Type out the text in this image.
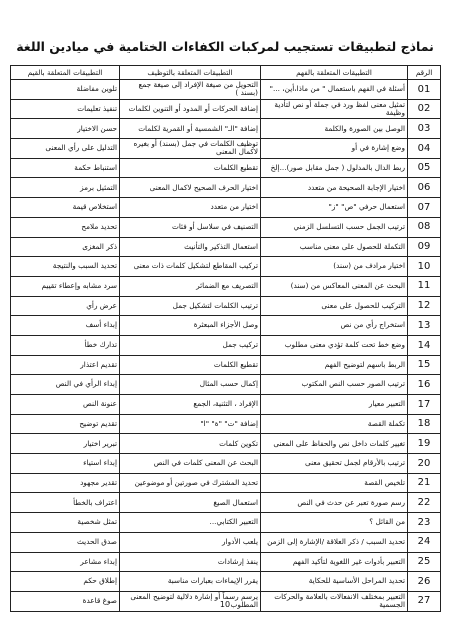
نماذج لتطبيقات تستجيب لمركبات الكفاءات الختامية في ميادين اللغة
الرقم	التطبيقات المتعلقة بالفهم	التطبيقات المتعلقة بالتوظيف	التطبيقات المتعلقة بالقيم
01	أسئلة في الفهم باستعمال " من ماذا،أين، ..."	التحويل من صيغة الإفراد إلى صيغة جمع (بسند )	تلوين مفاضلة
02	تمثيل معنى لفظ ورد في جملة أو نص لتأدية وظيفة	إضافة الحركات أو المدود أو التنوين لكلمات	تنفيذ تعليمات
03	الوصل بين الصورة والكلمة	إضافة "الـ" الشمسية أو القمرية لكلمات	حسن الاختيار
04	وضع إشارة في أو	توظيف الكلمات في جمل (بسند) أو بغيره لاكمال المعنى	التدليل على رأي المعنى
05	ربط الدال بالمدلول ( جمل مقابل صور)...إلخ	تقطيع الكلمات	استنباط حكمة
06	اختيار الإجابة الصحيحة من متعدد	اختيار الحرف الصحيح لاكمال المعنى	التمثيل برمز
07	استعمال حرفي "ص" "ز"	اختيار من متعدد	استخلاص قيمة
08	ترتيب الجمل حسب التسلسل الزمني	التصنيف في سلاسل أو فئات	تحديد ملامح
09	التكملة للحصول على معنى مناسب	استعمال التذكير والتأنيث	ذكر المغزى
10	اختيار مرادف من (سند)	تركيب المقاطع لتشكيل كلمات ذات معنى	تحديد السبب والنتيجة
11	البحث عن المعنى المعاكس من (سند)	التصريف مع الضمائر	سرد مشابه وإعطاء تقييم
12	التركيب للحصول على معنى	ترتيب الكلمات لتشكيل جمل	عرض رأي
13	استخراج رأي من نص	وصل الأجزاء المبعثرة	إبداء أسف
14	وضع خط تحت كلمة تؤدي معنى مطلوب	تركيب جمل	تدارك خطأ
15	الربط باسهم لتوضيح الفهم	تقطيع الكلمات	تقديم اعتذار
16	ترتيب الصور حسب النص المكتوب	إكمال حسب المثال	إبداء الرأي في النص
17	التعبير معيار	الإفراد ، التثنية، الجمع	عنونة النص
18	تكملة القصة	إضافة "ت" "ة" "ا"	تقديم توضيح
19	تغيير كلمات داخل نص والحفاظ على المعنى	تكوين كلمات	تبرير اختيار
20	ترتيب بالأرقام لجمل تحقيق معنى	البحث عن المعنى كلمات في النص	إبداء استياء
21	تلخيص القصة	تحديد المشترك في صورتين أو موضوعين	تقدير مجهود
22	رسم صورة تعبر عن حدث في النص	استعمال الصيغ	اعتراف بالخطأ
23	من القائل ؟	التعبير الكتابي...	تمثل شخصية
24	تحديد السبب / ذكر العلاقة /الإشارة إلى الزمن	يلعب الأدوار	صدق الحديث
25	التعبير بأدوات غير اللغوية لتأكيد الفهم	ينفذ إرشادات	إبداء مشاعر
26	تحديد المراحل الأساسية للحكاية	يقرر الإيماءات بعبارات مناسبة	إطلاق حكم
27	التعبير بمختلف الانفعالات بالعلامة والحركات الجسمية	يرسم رسماً أو إشارة دلالية لتوضيح المعنى المطلوب	صوغ قاعدة	10
